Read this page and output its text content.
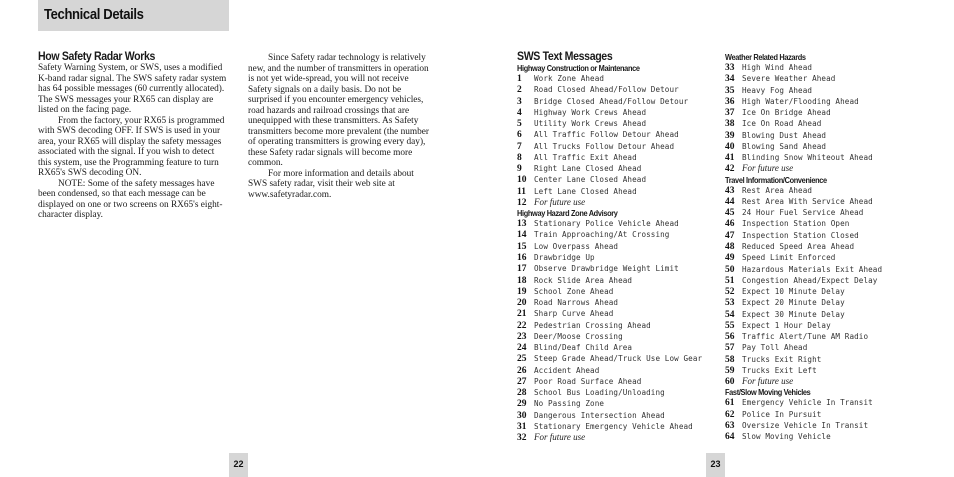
Technical Details
How Safety Radar Works

Safety Warning System, or SWS, uses a modified K-band radar signal. The SWS safety radar system has 64 possible messages (60 currently allocated). The SWS messages your RX65 can display are listed on the facing page.

From the factory, your RX65 is programmed with SWS decoding OFF. If SWS is used in your area, your RX65 will display the safety messages associated with the signal. If you wish to detect this system, use the Programming feature to turn RX65's SWS decoding ON.

NOTE: Some of the safety messages have been condensed, so that each message can be displayed on one or two screens on RX65's eight-character display.

Since Safety radar technology is relatively new, and the number of transmitters in operation is not yet wide-spread, you will not receive Safety signals on a daily basis. Do not be surprised if you encounter emergency vehicles, road hazards and railroad crossings that are unequipped with these transmitters. As Safety transmitters become more prevalent (the number of operating transmitters is growing every day), these Safety radar signals will become more common.

For more information and details about SWS safety radar, visit their web site at www.safetyradar.com.

22
SWS Text Messages
Highway Construction or Maintenance
1	Work Zone Ahead
2	Road Closed Ahead/Follow Detour
3	Bridge Closed Ahead/Follow Detour
4	Highway Work Crews Ahead
5	Utility Work Crews Ahead
6	All Traffic Follow Detour Ahead
7	All Trucks Follow Detour Ahead
8	All Traffic Exit Ahead
9	Right Lane Closed Ahead
10 Center Lane Closed Ahead
11	Left Lane Closed Ahead
12 For future use
Highway Hazard Zone Advisory
13 Stationary Police Vehicle Ahead
14 Train Approaching/At Crossing
15 Low Overpass Ahead
16 Drawbridge Up
17 Observe Drawbridge Weight Limit
18 Rock Slide Area Ahead
19 School Zone Ahead
20 Road Narrows Ahead
21 Sharp Curve Ahead
22 Pedestrian Crossing Ahead
23 Deer/Moose Crossing
24 Blind/Deaf Child Area
25 Steep Grade Ahead/Truck Use Low Gear
26 Accident Ahead
27 Poor Road Surface Ahead
28 School Bus Loading/Unloading
29 No Passing Zone
30 Dangerous Intersection Ahead
31 Stationary Emergency Vehicle Ahead
32 For future use
Weather Related Hazards
33 High Wind Ahead
34 Severe Weather Ahead
35 Heavy Fog Ahead
36 High Water/Flooding Ahead
37 Ice On Bridge Ahead
38 Ice On Road Ahead
39 Blowing Dust Ahead
40 Blowing Sand Ahead
41 Blinding Snow Whiteout Ahead
42 For future use
Travel Information/Convenience
43 Rest Area Ahead
44 Rest Area With Service Ahead
45 24 Hour Fuel Service Ahead
46 Inspection Station Open
47 Inspection Station Closed
48 Reduced Speed Area Ahead
49 Speed Limit Enforced
50 Hazardous Materials Exit Ahead
51 Congestion Ahead/Expect Delay
52 Expect 10 Minute Delay
53 Expect 20 Minute Delay
54 Expect 30 Minute Delay
55 Expect 1 Hour Delay
56 Traffic Alert/Tune AM Radio
57 Pay Toll Ahead
58 Trucks Exit Right
59 Trucks Exit Left
60 For future use
Fast/Slow Moving Vehicles
61 Emergency Vehicle In Transit
62 Police In Pursuit
63 Oversize Vehicle In Transit
64 Slow Moving Vehicle
23
